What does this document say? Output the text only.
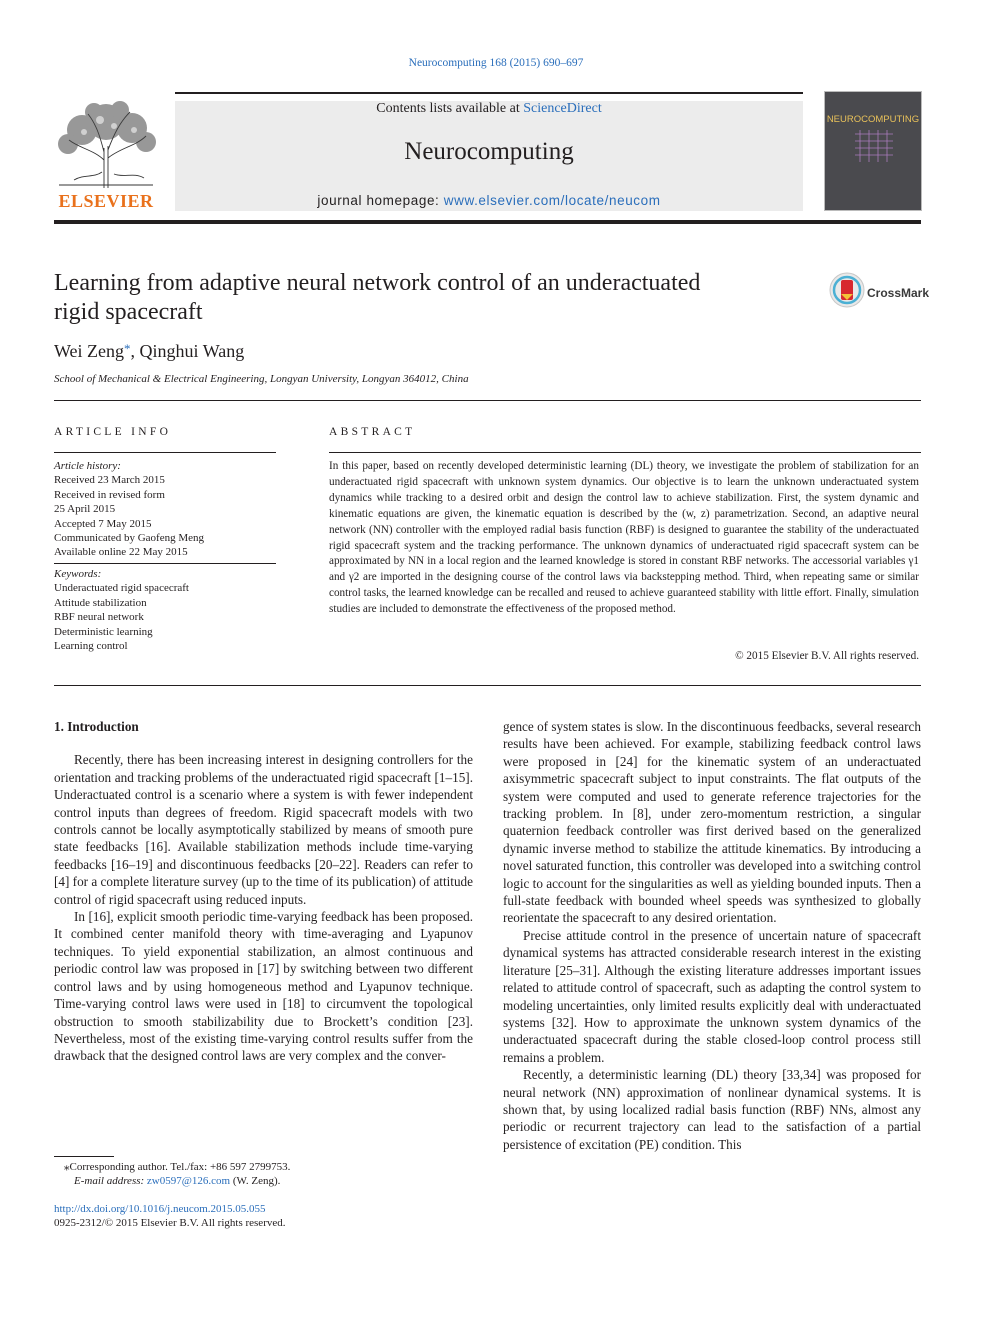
Neurocomputing 168 (2015) 690–697
ELSEVIER
Contents lists available at ScienceDirect
Neurocomputing
journal homepage: www.elsevier.com/locate/neucom
NEUROCOMPUTING
Learning from adaptive neural network control of an underactuated
rigid spacecraft
CrossMark
Wei Zeng*, Qinghui Wang
School of Mechanical & Electrical Engineering, Longyan University, Longyan 364012, China
ARTICLE INFO
Article history:
Received 23 March 2015
Received in revised form
25 April 2015
Accepted 7 May 2015
Communicated by Gaofeng Meng
Available online 22 May 2015
Keywords:
Underactuated rigid spacecraft
Attitude stabilization
RBF neural network
Deterministic learning
Learning control
ABSTRACT
In this paper, based on recently developed deterministic learning (DL) theory, we investigate the problem of stabilization for an underactuated rigid spacecraft with unknown system dynamics. Our objective is to learn the unknown underactuated system dynamics while tracking to a desired orbit and design the control law to achieve stabilization. First, the system dynamic and kinematic equations are given, the kinematic equation is described by the (w, z) parametrization. Second, an adaptive neural network (NN) controller with the employed radial basis function (RBF) is designed to guarantee the stability of the underactuated rigid spacecraft system and the tracking performance. The unknown dynamics of underactuated rigid spacecraft system can be approximated by NN in a local region and the learned knowledge is stored in constant RBF networks. The accessorial variables γ1 and γ2 are imported in the designing course of the control laws via backstepping method. Third, when repeating same or similar control tasks, the learned knowledge can be recalled and reused to achieve guaranteed stability with little effort. Finally, simulation studies are included to demonstrate the effectiveness of the proposed method.
© 2015 Elsevier B.V. All rights reserved.
1. Introduction

Recently, there has been increasing interest in designing controllers for the orientation and tracking problems of the underactuated rigid spacecraft [1–15]. Underactuated control is a scenario where a system is with fewer independent control inputs than degrees of freedom. Rigid spacecraft models with two controls cannot be locally asymptotically stabilized by means of smooth pure state feedbacks [16]. Available stabilization methods include time-varying feedbacks [16–19] and discontinuous feedbacks [20–22]. Readers can refer to [4] for a complete literature survey (up to the time of its publication) of attitude control of rigid spacecraft using reduced inputs.

In [16], explicit smooth periodic time-varying feedback has been proposed. It combined center manifold theory with time-averaging and Lyapunov techniques. To yield exponential stabilization, an almost continuous and periodic control law was proposed in [17] by switching between two different control laws and by using homogeneous method and Lyapunov technique. Time-varying control laws were used in [18] to circumvent the topological obstruction to smooth stabilizability due to Brockett’s condition [23]. Nevertheless, most of the existing time-varying control results suffer from the drawback that the designed control laws are very complex and the conver-

gence of system states is slow. In the discontinuous feedbacks, several research results have been achieved. For example, stabilizing feedback control laws were proposed in [24] for the kinematic system of an underactuated axisymmetric spacecraft subject to input constraints. The flat outputs of the system were computed and used to generate reference trajectories for the tracking problem. In [8], under zero-momentum restriction, a singular quaternion feedback controller was first derived based on the generalized dynamic inverse method to stabilize the attitude kinematics. By introducing a novel saturated function, this controller was developed into a switching control logic to account for the singularities as well as yielding bounded inputs. Then a full-state feedback with bounded wheel speeds was synthesized to globally reorientate the spacecraft to any desired orientation.

Precise attitude control in the presence of uncertain nature of spacecraft dynamical systems has attracted considerable research interest in the existing literature [25–31]. Although the existing literature addresses important issues related to attitude control of spacecraft, such as adapting the control system to modeling uncertainties, only limited results explicitly deal with underactuated systems [32]. How to approximate the unknown system dynamics of the underactuated spacecraft during the stable closed-loop control process still remains a problem.

Recently, a deterministic learning (DL) theory [33,34] was proposed for neural network (NN) approximation of nonlinear dynamical systems. It is shown that, by using localized radial basis function (RBF) NNs, almost any periodic or recurrent trajectory can lead to the satisfaction of a partial persistence of excitation (PE) condition. This

⁎Corresponding author. Tel./fax: +86 597 2799753.
E-mail address: zw0597@126.com (W. Zeng).
http://dx.doi.org/10.1016/j.neucom.2015.05.055
0925-2312/© 2015 Elsevier B.V. All rights reserved.
